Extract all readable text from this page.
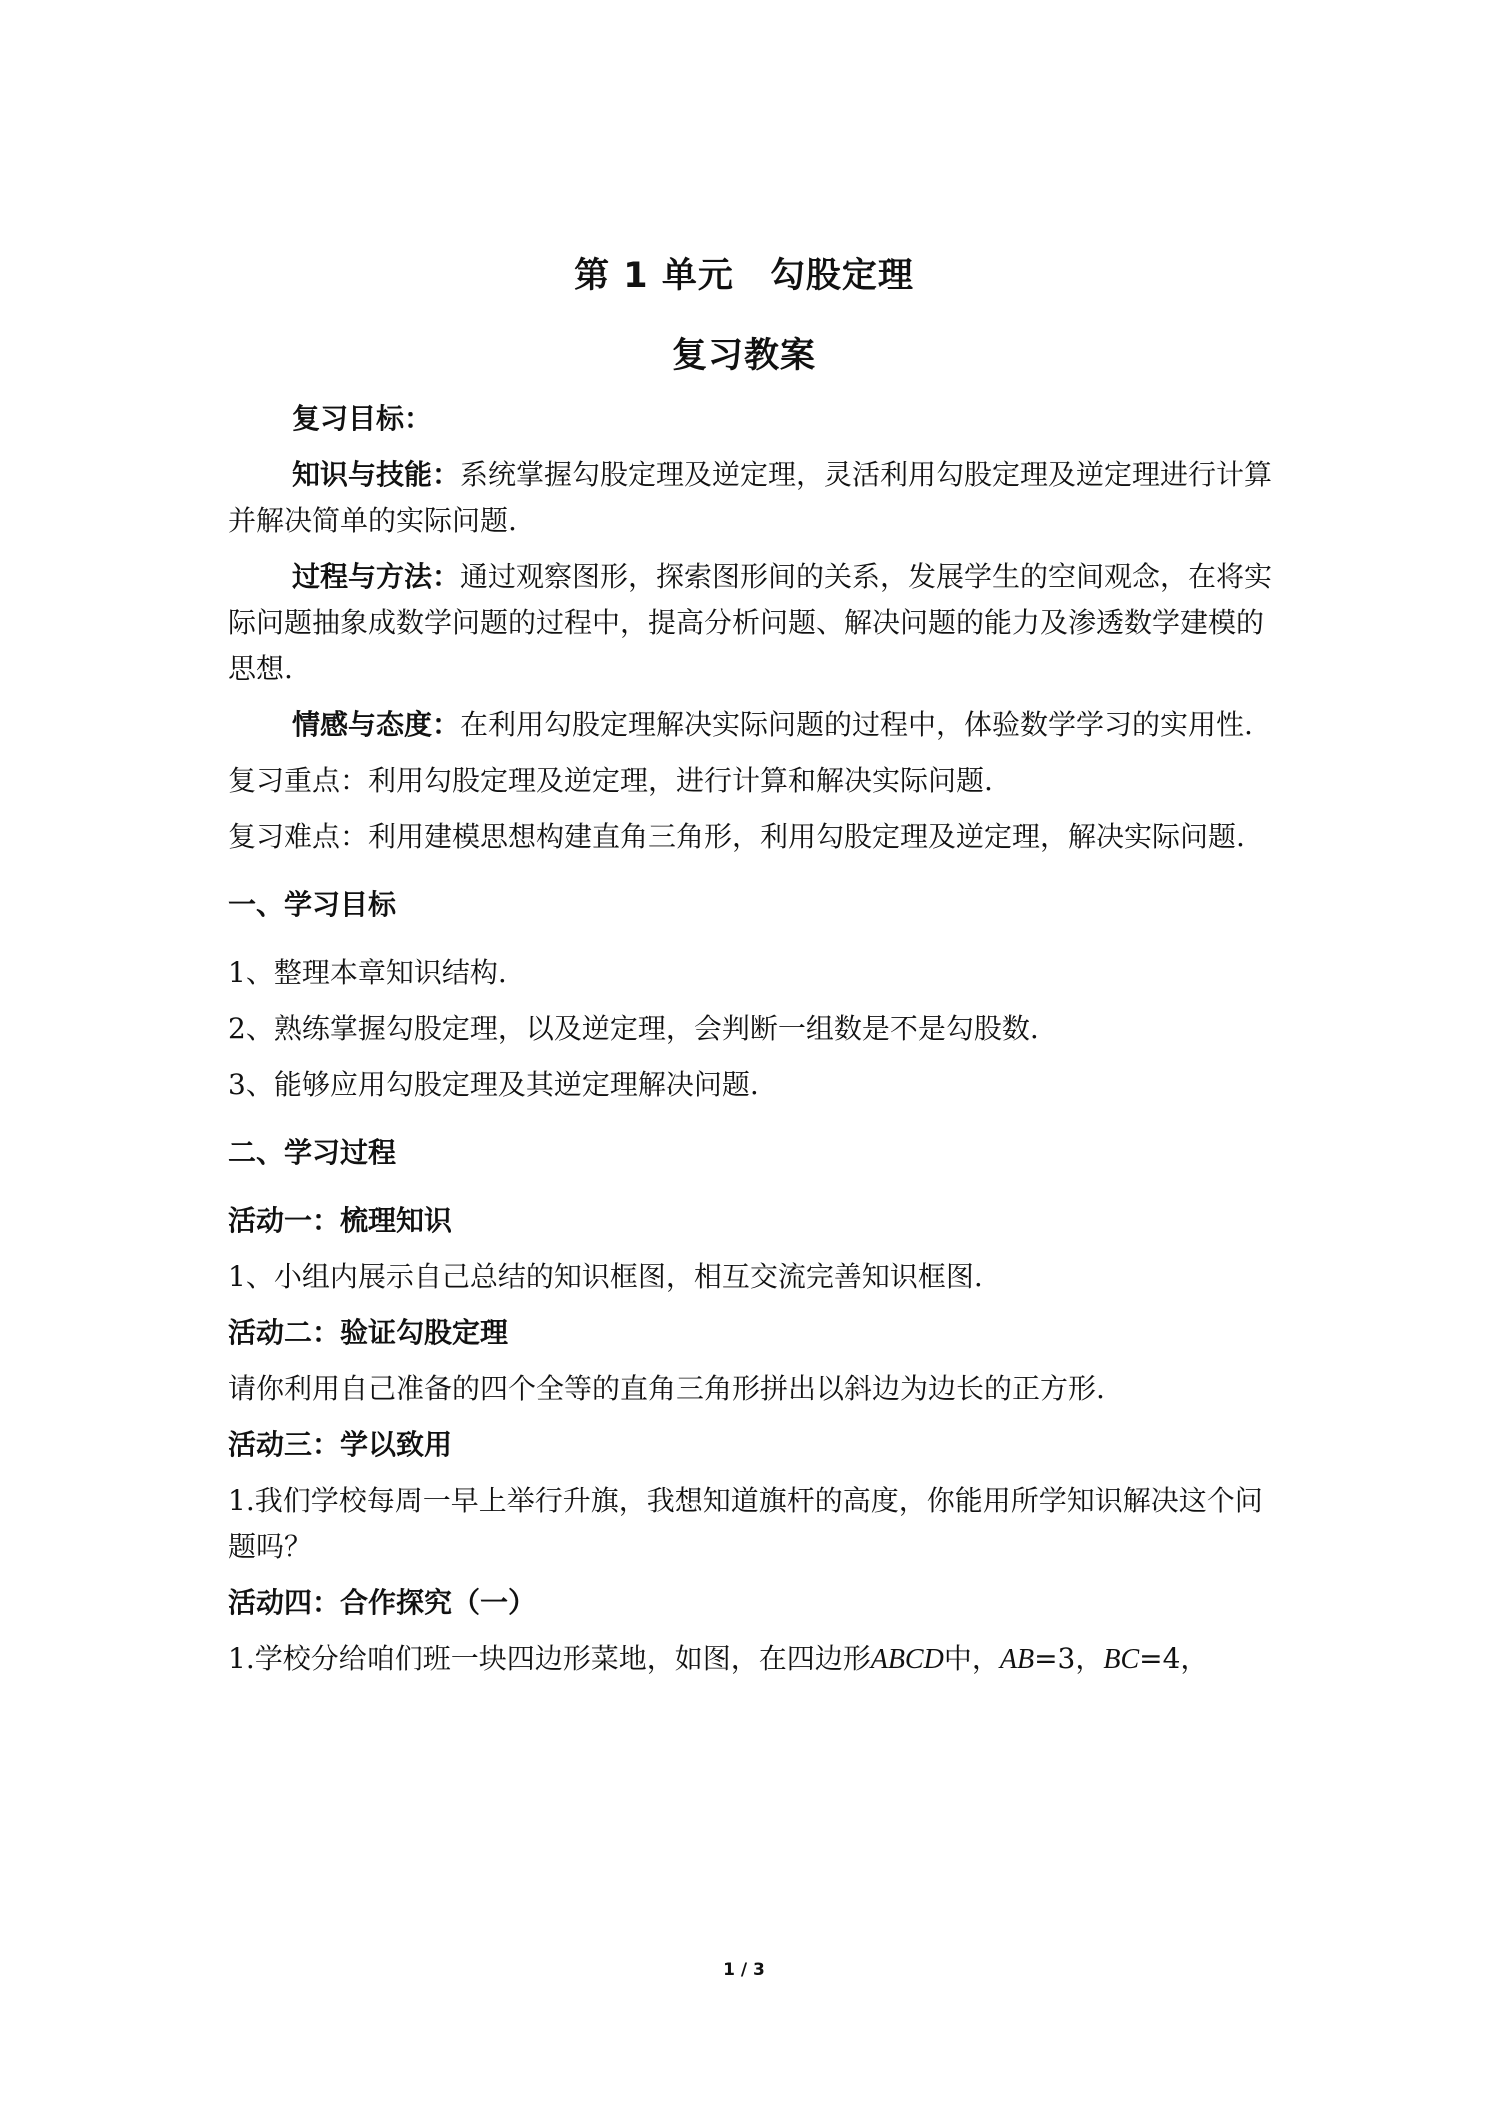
第 1 单元　勾股定理
复习教案

复习目标：

知识与技能：系统掌握勾股定理及逆定理，灵活利用勾股定理及逆定理进行计算并解决简单的实际问题.

过程与方法：通过观察图形，探索图形间的关系，发展学生的空间观念，在将实际问题抽象成数学问题的过程中，提高分析问题、解决问题的能力及渗透数学建模的思想.

情感与态度：在利用勾股定理解决实际问题的过程中，体验数学学习的实用性.

复习重点：利用勾股定理及逆定理，进行计算和解决实际问题.

复习难点：利用建模思想构建直角三角形，利用勾股定理及逆定理，解决实际问题.

一、学习目标

1、整理本章知识结构.

2、熟练掌握勾股定理，以及逆定理，会判断一组数是不是勾股数.

3、能够应用勾股定理及其逆定理解决问题.

二、学习过程

活动一：梳理知识

1、小组内展示自己总结的知识框图，相互交流完善知识框图.

活动二：验证勾股定理

请你利用自己准备的四个全等的直角三角形拼出以斜边为边长的正方形.

活动三：学以致用

1.我们学校每周一早上举行升旗，我想知道旗杆的高度，你能用所学知识解决这个问题吗？

活动四：合作探究（一）

1.学校分给咱们班一块四边形菜地，如图，在四边形ABCD中，AB=3，BC=4，

1 / 3
